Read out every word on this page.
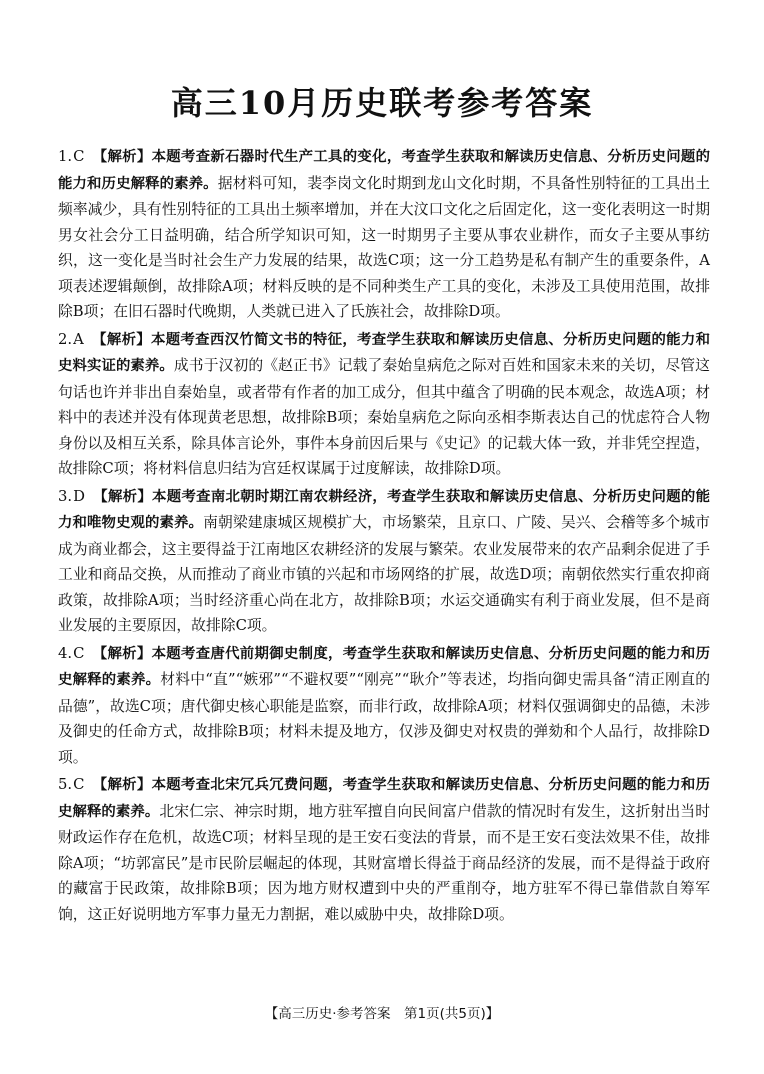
高三10月历史联考参考答案

1.C 【解析】本题考查新石器时代生产工具的变化，考查学生获取和解读历史信息、分析历史问题的能力和历史解释的素养。据材料可知，裴李岗文化时期到龙山文化时期，不具备性别特征的工具出土频率减少，具有性别特征的工具出土频率增加，并在大汶口文化之后固定化，这一变化表明这一时期男女社会分工日益明确，结合所学知识可知，这一时期男子主要从事农业耕作，而女子主要从事纺织，这一变化是当时社会生产力发展的结果，故选C项；这一分工趋势是私有制产生的重要条件，A项表述逻辑颠倒，故排除A项；材料反映的是不同种类生产工具的变化，未涉及工具使用范围，故排除B项；在旧石器时代晚期，人类就已进入了氏族社会，故排除D项。

2.A 【解析】本题考查西汉竹简文书的特征，考查学生获取和解读历史信息、分析历史问题的能力和史料实证的素养。成书于汉初的《赵正书》记载了秦始皇病危之际对百姓和国家未来的关切，尽管这句话也许并非出自秦始皇，或者带有作者的加工成分，但其中蕴含了明确的民本观念，故选A项；材料中的表述并没有体现黄老思想，故排除B项；秦始皇病危之际向丞相李斯表达自己的忧虑符合人物身份以及相互关系，除具体言论外，事件本身前因后果与《史记》的记载大体一致，并非凭空捏造，故排除C项；将材料信息归结为宫廷权谋属于过度解读，故排除D项。

3.D 【解析】本题考查南北朝时期江南农耕经济，考查学生获取和解读历史信息、分析历史问题的能力和唯物史观的素养。南朝梁建康城区规模扩大，市场繁荣，且京口、广陵、吴兴、会稽等多个城市成为商业都会，这主要得益于江南地区农耕经济的发展与繁荣。农业发展带来的农产品剩余促进了手工业和商品交换，从而推动了商业市镇的兴起和市场网络的扩展，故选D项；南朝依然实行重农抑商政策，故排除A项；当时经济重心尚在北方，故排除B项；水运交通确实有利于商业发展，但不是商业发展的主要原因，故排除C项。

4.C 【解析】本题考查唐代前期御史制度，考查学生获取和解读历史信息、分析历史问题的能力和历史解释的素养。材料中“直”“嫉邪”“不避权要”“刚亮”“耿介”等表述，均指向御史需具备“清正刚直的品德”，故选C项；唐代御史核心职能是监察，而非行政，故排除A项；材料仅强调御史的品德，未涉及御史的任命方式，故排除B项；材料未提及地方，仅涉及御史对权贵的弹劾和个人品行，故排除D项。

5.C 【解析】本题考查北宋冗兵冗费问题，考查学生获取和解读历史信息、分析历史问题的能力和历史解释的素养。北宋仁宗、神宗时期，地方驻军擅自向民间富户借款的情况时有发生，这折射出当时财政运作存在危机，故选C项；材料呈现的是王安石变法的背景，而不是王安石变法效果不佳，故排除A项；“坊郭富民”是市民阶层崛起的体现，其财富增长得益于商品经济的发展，而不是得益于政府的藏富于民政策，故排除B项；因为地方财权遭到中央的严重削夺，地方驻军不得已靠借款自筹军饷，这正好说明地方军事力量无力割据，难以威胁中央，故排除D项。

【高三历史·参考答案　第1页(共5页)】
